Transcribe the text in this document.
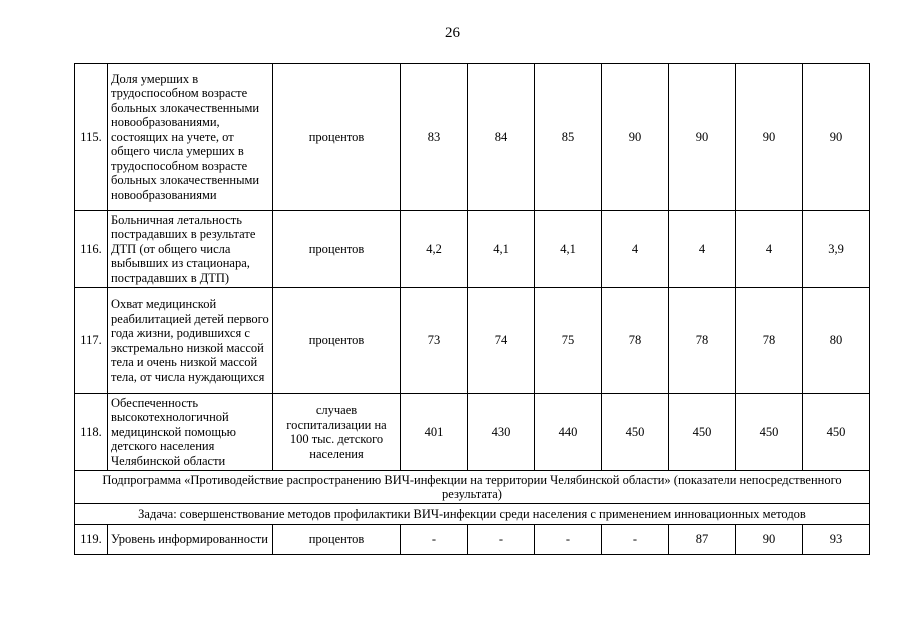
26
115.	Доля умерших в трудоспособном возрасте больных злокачественными новообразованиями, состоящих на учете, от общего числа умерших в трудоспособном возрасте больных злокачественными новообразованиями	процентов	83	84	85	90	90	90	90
116.	Больничная летальность пострадавших в результате ДТП (от общего числа выбывших из стационара, пострадавших в ДТП)	процентов	4,2	4,1	4,1	4	4	4	3,9
117.	Охват медицинской реабилитацией детей первого года жизни, родившихся с экстремально низкой массой тела и очень низкой массой тела, от числа нуждающихся	процентов	73	74	75	78	78	78	80
118.	Обеспеченность высокотехнологичной медицинской помощью детского населения Челябинской области	случаев госпитализации на 100 тыс. детского населения	401	430	440	450	450	450	450
Подпрограмма «Противодействие распространению ВИЧ-инфекции на территории Челябинской области» (показатели непосредственного результата)									
Задача: совершенствование методов профилактики ВИЧ-инфекции среди населения с применением инновационных методов									
119.	Уровень информированности	процентов	-	-	-	-	87	90	93
